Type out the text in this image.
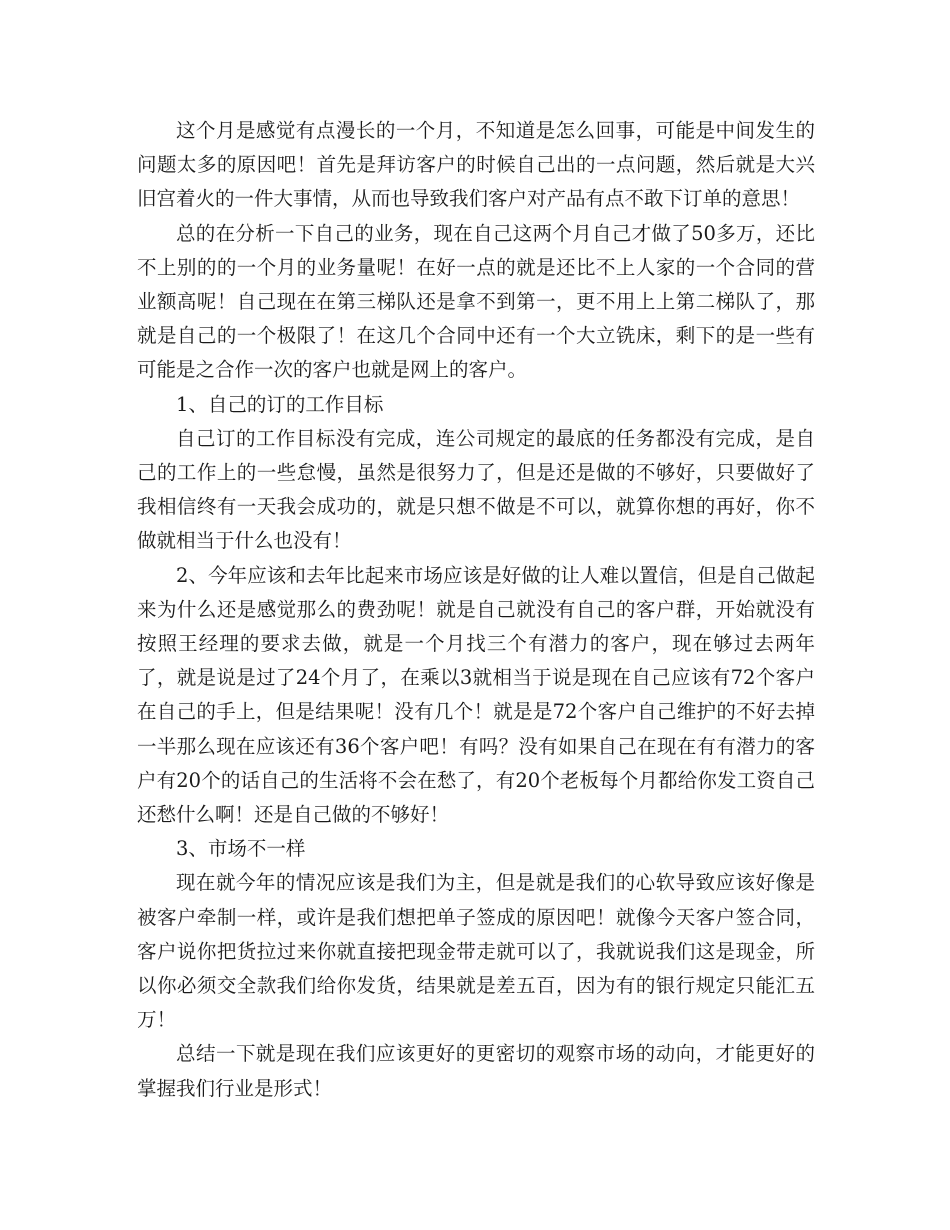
这个月是感觉有点漫长的一个月，不知道是怎么回事，可能是中间发生的问题太多的原因吧！首先是拜访客户的时候自己出的一点问题，然后就是大兴旧宫着火的一件大事情，从而也导致我们客户对产品有点不敢下订单的意思！

总的在分析一下自己的业务，现在自己这两个月自己才做了50多万，还比不上别的的一个月的业务量呢！在好一点的就是还比不上人家的一个合同的营业额高呢！自己现在在第三梯队还是拿不到第一，更不用上上第二梯队了，那就是自己的一个极限了！在这几个合同中还有一个大立铣床，剩下的是一些有可能是之合作一次的客户也就是网上的客户。

1、自己的订的工作目标

自己订的工作目标没有完成，连公司规定的最底的任务都没有完成，是自己的工作上的一些怠慢，虽然是很努力了，但是还是做的不够好，只要做好了我相信终有一天我会成功的，就是只想不做是不可以，就算你想的再好，你不做就相当于什么也没有！

2、今年应该和去年比起来市场应该是好做的让人难以置信，但是自己做起来为什么还是感觉那么的费劲呢！就是自己就没有自己的客户群，开始就没有按照王经理的要求去做，就是一个月找三个有潜力的客户，现在够过去两年了，就是说是过了24个月了，在乘以3就相当于说是现在自己应该有72个客户在自己的手上，但是结果呢！没有几个！就是是72个客户自己维护的不好去掉一半那么现在应该还有36个客户吧！有吗？没有如果自己在现在有有潜力的客户有20个的话自己的生活将不会在愁了，有20个老板每个月都给你发工资自己还愁什么啊！还是自己做的不够好！

3、市场不一样

现在就今年的情况应该是我们为主，但是就是我们的心软导致应该好像是被客户牵制一样，或许是我们想把单子签成的原因吧！就像今天客户签合同，客户说你把货拉过来你就直接把现金带走就可以了，我就说我们这是现金，所以你必须交全款我们给你发货，结果就是差五百，因为有的银行规定只能汇五万！

总结一下就是现在我们应该更好的更密切的观察市场的动向，才能更好的掌握我们行业是形式！
